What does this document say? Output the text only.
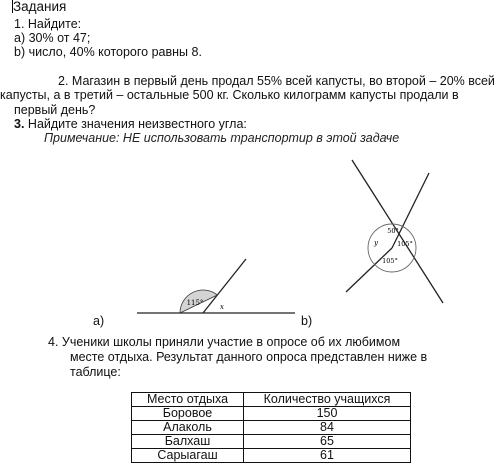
Задания
1. Найдите:
a) 30% от 47;
b) число, 40% которого равны 8.
2. Магазин в первый день продал 55% всей капусты, во второй – 20% всей
капусты, а в третий – остальные 500 кг. Сколько килограмм капусты продали в
первый день?
3. Найдите значения неизвестного угла:
Примечание: НЕ использовать транспортир в этой задаче
115° x
50°
105°
105°
y
a)	b)
4. Ученики школы приняли участие в опросе об их любимом
месте отдыха. Результат данного опроса представлен ниже в
таблице:
Место отдыха	Количество учащихся
Боровое	150
Алаколь	84
Балхаш	65
Сарыагаш	61
